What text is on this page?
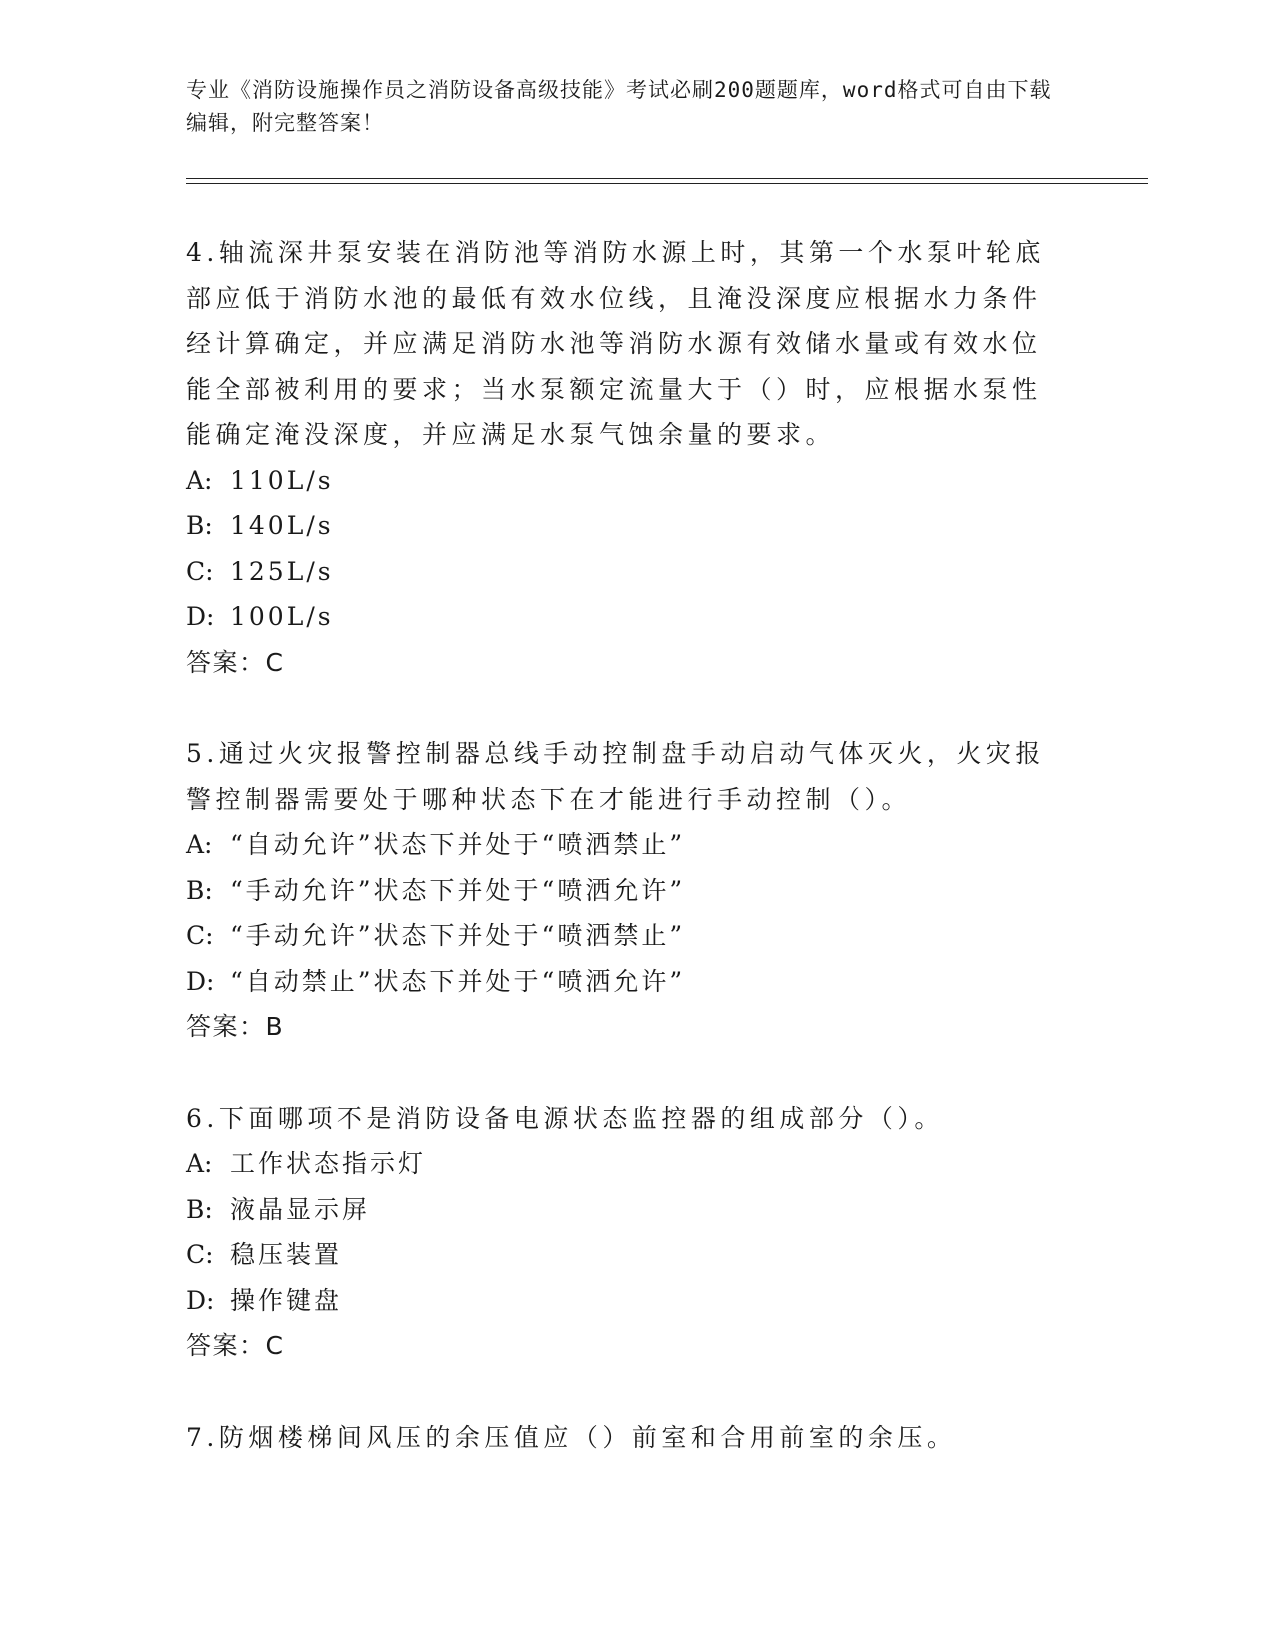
专业《消防设施操作员之消防设备高级技能》考试必刷200题题库，word格式可自由下载编辑，附完整答案！

4.轴流深井泵安装在消防池等消防水源上时，其第一个水泵叶轮底部应低于消防水池的最低有效水位线，且淹没深度应根据水力条件经计算确定，并应满足消防水池等消防水源有效储水量或有效水位能全部被利用的要求；当水泵额定流量大于（）时，应根据水泵性能确定淹没深度，并应满足水泵气蚀余量的要求。

A: 110L/s
B: 140L/s
C: 125L/s
D: 100L/s

答案：C

5.通过火灾报警控制器总线手动控制盘手动启动气体灭火，火灾报警控制器需要处于哪种状态下在才能进行手动控制（）。

A: “自动允许”状态下并处于“喷洒禁止”
B: “手动允许”状态下并处于“喷洒允许”
C: “手动允许”状态下并处于“喷洒禁止”
D: “自动禁止”状态下并处于“喷洒允许”

答案：B

6.下面哪项不是消防设备电源状态监控器的组成部分（）。

A: 工作状态指示灯
B: 液晶显示屏
C: 稳压装置
D: 操作键盘

答案：C

7.防烟楼梯间风压的余压值应（）前室和合用前室的余压。
